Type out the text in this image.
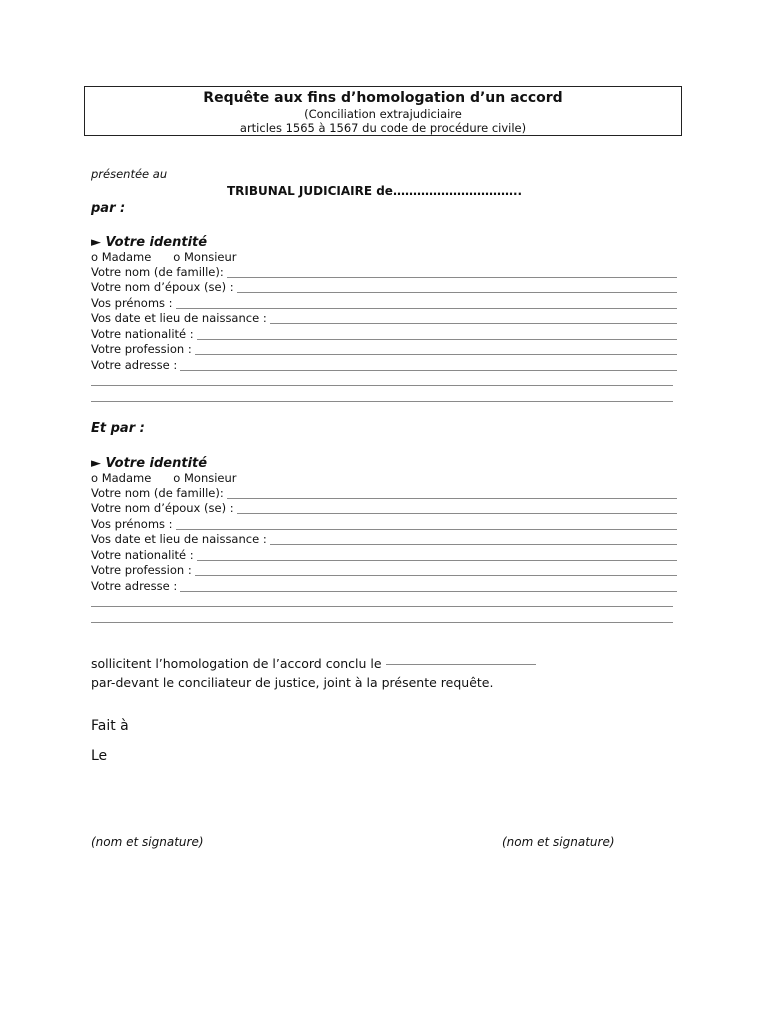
Requête aux fins d’homologation d’un accord
(Conciliation extrajudiciaire
articles 1565 à 1567 du code de procédure civile)
présentée au
TRIBUNAL JUDICIAIRE de…………………………..
par :
► Votre identité
o Madame o Monsieur
Votre nom (de famille):
Votre nom d’époux (se) :
Vos prénoms :
Vos date et lieu de naissance :
Votre nationalité :
Votre profession :
Votre adresse :
Et par :
► Votre identité
o Madame o Monsieur
Votre nom (de famille):
Votre nom d’époux (se) :
Vos prénoms :
Vos date et lieu de naissance :
Votre nationalité :
Votre profession :
Votre adresse :
sollicitent l’homologation de l’accord conclu le
par-devant le conciliateur de justice, joint à la présente requête.
Fait à
Le
(nom et signature)	(nom et signature)
